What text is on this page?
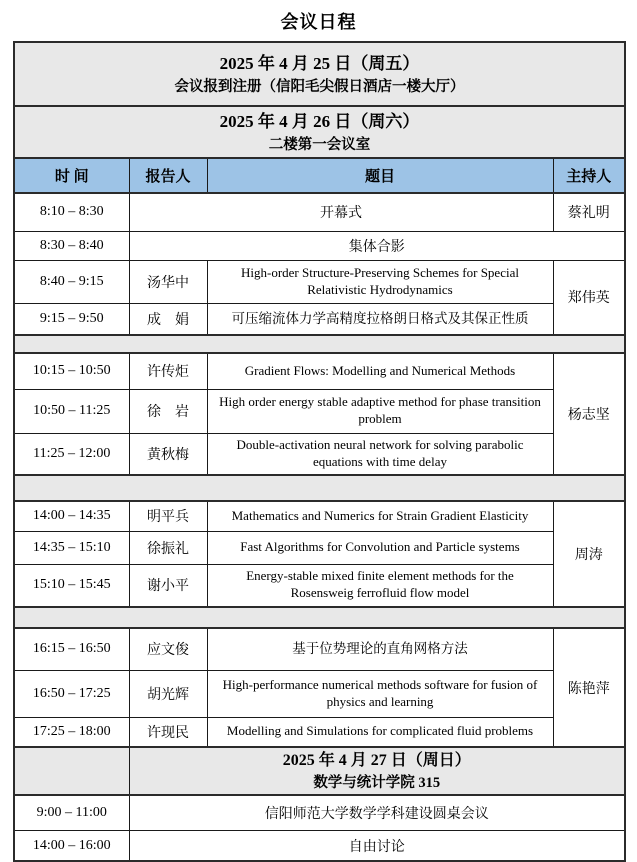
会议日程
2025 年 4 月 25 日（周五）
会议报到注册（信阳毛尖假日酒店一楼大厅）			

2025 年 4 月 26 日（周六）
二楼第一会议室			

时 间	报告人	题目	主持人
8:10 – 8:30	开幕式		蔡礼明
8:30 – 8:40	集体合影		
8:40 – 9:15	汤华中	High-order Structure-Preserving Schemes for Special Relativistic Hydrodynamics	郑伟英
9:15 – 9:50	成　娟	可压缩流体力学高精度拉格朗日格式及其保正性质	

10:15 – 10:50	许传炬	Gradient Flows: Modelling and Numerical Methods	杨志坚
10:50 – 11:25	徐　岩	High order energy stable adaptive method for phase transition problem	
11:25 – 12:00	黄秋梅	Double-activation neural network for solving parabolic equations with time delay	

14:00 – 14:35	明平兵	Mathematics and Numerics for Strain Gradient Elasticity	周涛
14:35 – 15:10	徐振礼	Fast Algorithms for Convolution and Particle systems	
15:10 – 15:45	谢小平	Energy-stable mixed finite element methods for the Rosensweig ferrofluid flow model	

16:15 – 16:50	应文俊	基于位势理论的直角网格方法	陈艳萍
16:50 – 17:25	胡光辉	High-performance numerical methods software for fusion of physics and learning	
17:25 – 18:00	许现民	Modelling and Simulations for complicated fluid problems	

	2025 年 4 月 27 日（周日）
数学与统计学院 315		

9:00 – 11:00	信阳师范大学数学学科建设圆桌会议		
14:00 – 16:00	自由讨论		
